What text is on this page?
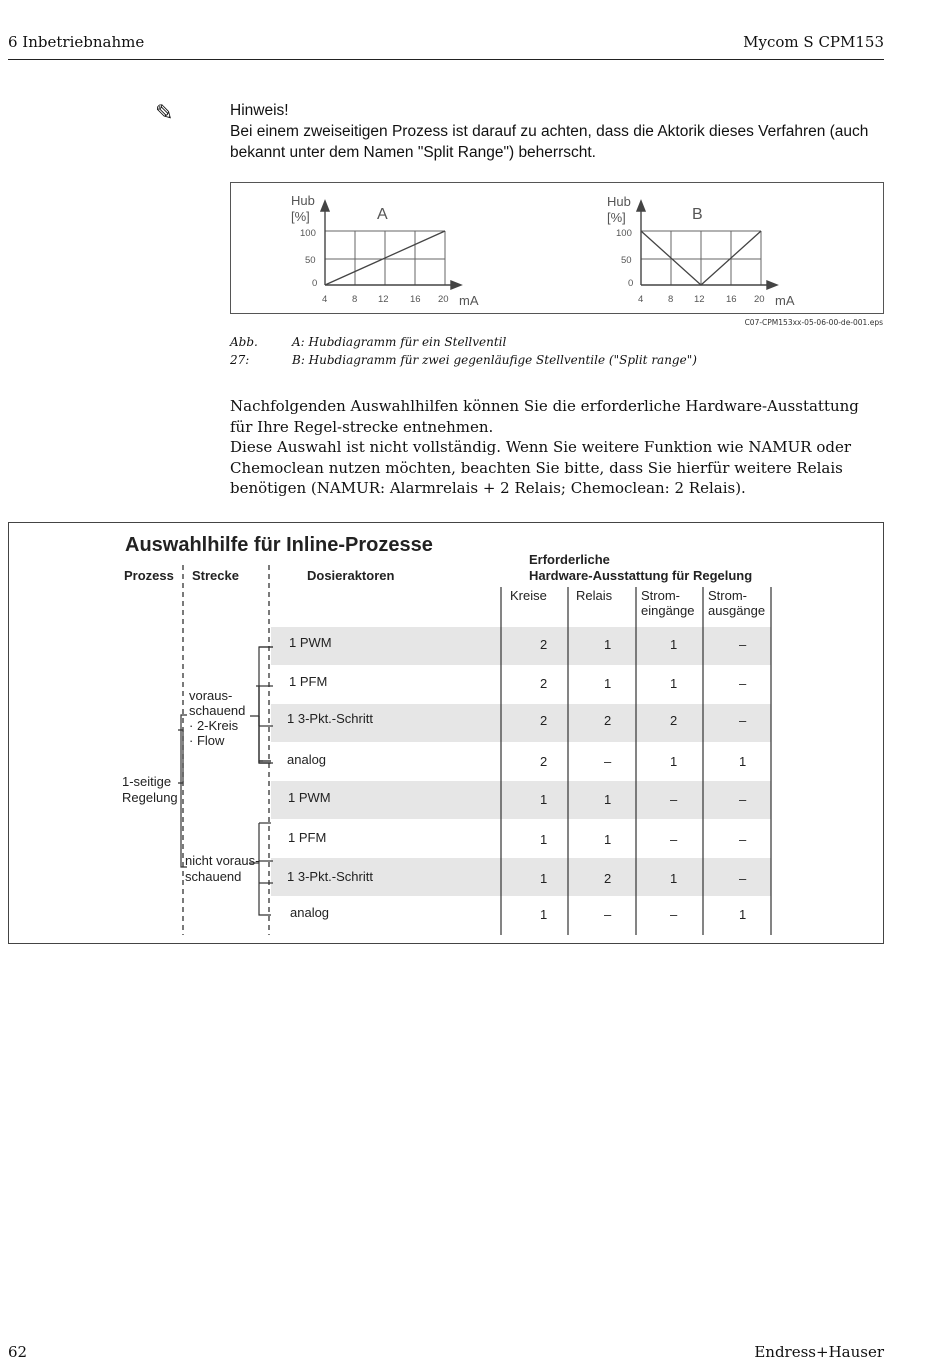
6 Inbetriebnahme	Mycom S CPM153
✎	Hinweis!
Bei einem zweiseitigen Prozess ist darauf zu achten, dass die Aktorik dieses Verfahren (auch bekannt unter dem Namen "Split Range") beherrscht.
Hub
[%]	A
mA
Hub
[%]	B
mA
100
50
0
4	8 12 16 20
100
50
0
4	8 12 16 20
C07-CPM153xx-05-06-00-de-001.eps
Abb. 27:
A: Hubdiagramm für ein Stellventil
B: Hubdiagramm für zwei gegenläufige Stellventile ("Split range")

Nachfolgenden Auswahlhilfen können Sie die erforderliche Hardware-Ausstattung für Ihre Regel-strecke entnehmen.

Diese Auswahl ist nicht vollständig. Wenn Sie weitere Funktion wie NAMUR oder Chemoclean nutzen möchten, beachten Sie bitte, dass Sie hierfür weitere Relais benötigen (NAMUR: Alarmrelais + 2 Relais; Chemoclean: 2 Relais).

Auswahlhilfe für Inline-Prozesse
Prozess Strecke	Dosieraktoren
Erforderliche
Hardware-Ausstattung für Regelung
Kreise Relais Strom-
eingänge
Strom-
ausgänge
1-seitige
Regelung
voraus-
schauend
· 2-Kreis
· Flow
nicht voraus-
schauend
1 PWM	2	1	1	–
1 PFM	2	1	1	–
1 3-Pkt.-Schritt	2	2	2	–
analog	2	–	1	1
1 PWM	1	1	–	–
1 PFM	1	1	–	–
1 3-Pkt.-Schritt	1	2	1	–
analog	1	–	–	1
62	Endress+Hauser
